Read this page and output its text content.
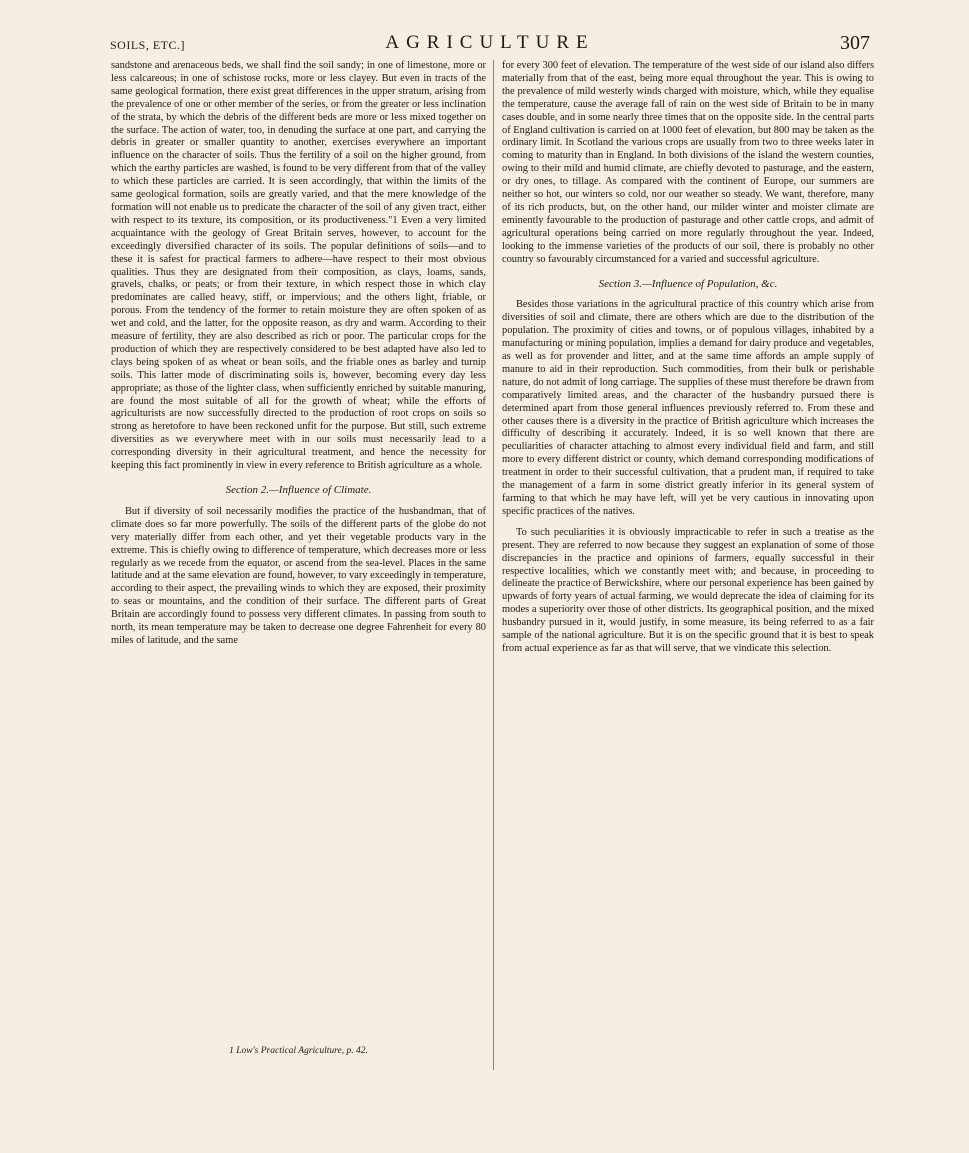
SOILS, ETC.]	AGRICULTURE	307

sandstone and arenaceous beds, we shall find the soil sandy; in one of limestone, more or less calcareous; in one of schistose rocks, more or less clayey. But even in tracts of the same geological formation, there exist great differences in the upper stratum, arising from the prevalence of one or other member of the series, or from the greater or less inclination of the strata, by which the debris of the different beds are more or less mixed together on the surface. The action of water, too, in denuding the surface at one part, and carrying the debris in greater or smaller quantity to another, exercises everywhere an important influence on the character of soils. Thus the fertility of a soil on the higher ground, from which the earthy particles are washed, is found to be very different from that of the valley to which these particles are carried. It is seen accordingly, that within the limits of the same geological formation, soils are greatly varied, and that the mere knowledge of the formation will not enable us to predicate the character of the soil of any given tract, either with respect to its texture, its composition, or its productiveness."1 Even a very limited acquaintance with the geology of Great Britain serves, however, to account for the exceedingly diversified character of its soils. The popular definitions of soils—and to these it is safest for practical farmers to adhere—have respect to their most obvious qualities. Thus they are designated from their composition, as clays, loams, sands, gravels, chalks, or peats; or from their texture, in which respect those in which clay predominates are called heavy, stiff, or impervious; and the others light, friable, or porous. From the tendency of the former to retain moisture they are often spoken of as wet and cold, and the latter, for the opposite reason, as dry and warm. According to their measure of fertility, they are also described as rich or poor. The particular crops for the production of which they are respectively considered to be best adapted have also led to clays being spoken of as wheat or bean soils, and the friable ones as barley and turnip soils. This latter mode of discriminating soils is, however, becoming every day less appropriate; as those of the lighter class, when sufficiently enriched by suitable manuring, are found the most suitable of all for the growth of wheat; while the efforts of agriculturists are now successfully directed to the production of root crops on soils so strong as heretofore to have been reckoned unfit for the purpose. But still, such extreme diversities as we everywhere meet with in our soils must necessarily lead to a corresponding diversity in their agricultural treatment, and hence the necessity for keeping this fact prominently in view in every reference to British agriculture as a whole.

Section 2.—Influence of Climate.

But if diversity of soil necessarily modifies the practice of the husbandman, that of climate does so far more powerfully. The soils of the different parts of the globe do not very materially differ from each other, and yet their vegetable products vary in the extreme. This is chiefly owing to difference of temperature, which decreases more or less regularly as we recede from the equator, or ascend from the sea-level. Places in the same latitude and at the same elevation are found, however, to vary exceedingly in temperature, according to their aspect, the prevailing winds to which they are exposed, their proximity to seas or mountains, and the condition of their surface. The different parts of Great Britain are accordingly found to possess very different climates. In passing from south to north, its mean temperature may be taken to decrease one degree Fahrenheit for every 80 miles of latitude, and the same

for every 300 feet of elevation. The temperature of the west side of our island also differs materially from that of the east, being more equal throughout the year. This is owing to the prevalence of mild westerly winds charged with moisture, which, while they equalise the temperature, cause the average fall of rain on the west side of Britain to be in many cases double, and in some nearly three times that on the opposite side. In the central parts of England cultivation is carried on at 1000 feet of elevation, but 800 may be taken as the ordinary limit. In Scotland the various crops are usually from two to three weeks later in coming to maturity than in England. In both divisions of the island the western counties, owing to their mild and humid climate, are chiefly devoted to pasturage, and the eastern, or dry ones, to tillage. As compared with the continent of Europe, our summers are neither so hot, our winters so cold, nor our weather so steady. We want, therefore, many of its rich products, but, on the other hand, our milder winter and moister climate are eminently favourable to the production of pasturage and other cattle crops, and admit of agricultural operations being carried on more regularly throughout the year. Indeed, looking to the immense varieties of the products of our soil, there is probably no other country so favourably circumstanced for a varied and successful agriculture.

Section 3.—Influence of Population, &c.

Besides those variations in the agricultural practice of this country which arise from diversities of soil and climate, there are others which are due to the distribution of the population. The proximity of cities and towns, or of populous villages, inhabited by a manufacturing or mining population, implies a demand for dairy produce and vegetables, as well as for provender and litter, and at the same time affords an ample supply of manure to aid in their reproduction. Such commodities, from their bulk or perishable nature, do not admit of long carriage. The supplies of these must therefore be drawn from comparatively limited areas, and the character of the husbandry pursued there is determined apart from those general influences previously referred to. From these and other causes there is a diversity in the practice of British agriculture which increases the difficulty of describing it accurately. Indeed, it is so well known that there are peculiarities of character attaching to almost every individual field and farm, and still more to every different district or county, which demand corresponding modifications of treatment in order to their successful cultivation, that a prudent man, if required to take the management of a farm in some district greatly inferior in its general system of farming to that which he may have left, will yet be very cautious in innovating upon specific practices of the natives.

To such peculiarities it is obviously impracticable to refer in such a treatise as the present. They are referred to now because they suggest an explanation of some of those discrepancies in the practice and opinions of farmers, equally successful in their respective localities, which we constantly meet with; and because, in proceeding to delineate the practice of Berwickshire, where our personal experience has been gained by upwards of forty years of actual farming, we would deprecate the idea of claiming for its modes a superiority over those of other districts. Its geographical position, and the mixed husbandry pursued in it, would justify, in some measure, its being referred to as a fair sample of the national agriculture. But it is on the specific ground that it is best to speak from actual experience as far as that will serve, that we vindicate this selection.

1 Low's Practical Agriculture, p. 42.
